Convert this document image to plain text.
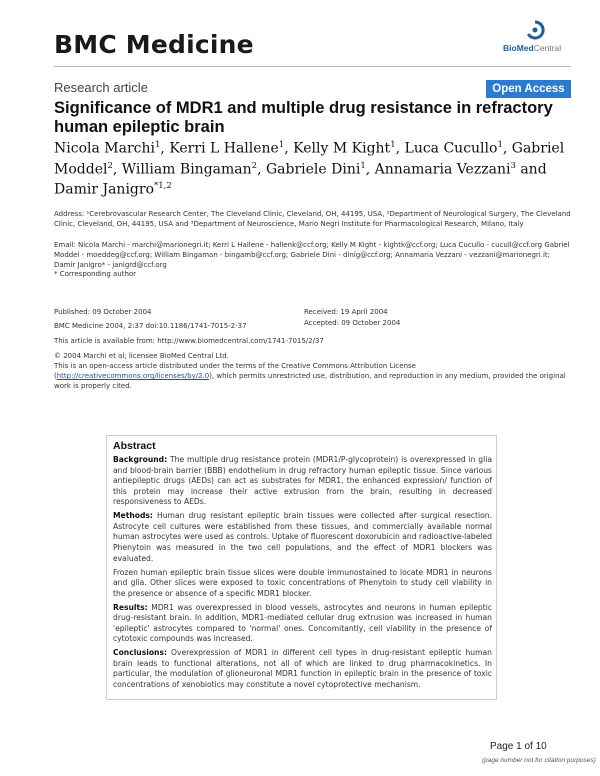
BMC Medicine	BioMedCentral
Research article	Open Access
Significance of MDR1 and multiple drug resistance in refractory human epileptic brain
Nicola Marchi$^1$, Kerri L Hallene$^1$, Kelly M Kight$^1$, Luca Cucullo$^1$, Gabriel Moddel$^2$, William Bingaman$^2$, Gabriele Dini$^1$, Annamaria Vezzani$^3$ and Damir Janigro$^{*1,2}$
Address: ¹Cerebrovascular Research Center, The Cleveland Clinic, Cleveland, OH, 44195, USA, ²Department of Neurological Surgery, The Cleveland Clinic, Cleveland, OH, 44195, USA and ³Department of Neuroscience, Mario Negri Institute for Pharmacological Research, Milano, Italy
Email: Nicola Marchi - marchi@marionegri.it; Kerri L Hallene - hallenk@ccf.org; Kelly M Kight - kightk@ccf.org; Luca Cucullo - cucull@ccf.org Gabriel Moddel - moeddeg@ccf.org; William Bingaman - bingamb@ccf.org; Gabriele Dini - dinig@ccf.org; Annamaria Vezzani - vezzani@marionegri.it; Damir Janigro* - janigrd@ccf.org
* Corresponding author
Published: 09 October 2004	Received: 19 April 2004
BMC Medicine 2004, 2:37 doi:10.1186/1741-7015-2-37	Accepted: 09 October 2004
This article is available from: http://www.biomedcentral.com/1741-7015/2/37
© 2004 Marchi et al; licensee BioMed Central Ltd.
This is an open-access article distributed under the terms of the Creative Commons Attribution License (http://creativecommons.org/licenses/by/2.0), which permits unrestricted use, distribution, and reproduction in any medium, provided the original work is properly cited.
Abstract

Background: The multiple drug resistance protein (MDR1/P-glycoprotein) is overexpressed in glia and blood-brain barrier (BBB) endothelium in drug refractory human epileptic tissue. Since various antiepileptic drugs (AEDs) can act as substrates for MDR1, the enhanced expression/ function of this protein may increase their active extrusion from the brain, resulting in decreased responsiveness to AEDs.

Methods: Human drug resistant epileptic brain tissues were collected after surgical resection. Astrocyte cell cultures were established from these tissues, and commercially available normal human astrocytes were used as controls. Uptake of fluorescent doxorubicin and radioactive-labeled Phenytoin was measured in the two cell populations, and the effect of MDR1 blockers was evaluated.

Frozen human epileptic brain tissue slices were double immunostained to locate MDR1 in neurons and glia. Other slices were exposed to toxic concentrations of Phenytoin to study cell viability in the presence or absence of a specific MDR1 blocker.

Results: MDR1 was overexpressed in blood vessels, astrocytes and neurons in human epileptic drug-resistant brain. In addition, MDR1-mediated cellular drug extrusion was increased in human 'epileptic' astrocytes compared to 'normal' ones. Concomitantly, cell viability in the presence of cytotoxic compounds was increased.

Conclusions: Overexpression of MDR1 in different cell types in drug-resistant epileptic human brain leads to functional alterations, not all of which are linked to drug pharmacokinetics. In particular, the modulation of glioneuronal MDR1 function in epileptic brain in the presence of toxic concentrations of xenobiotics may constitute a novel cytoprotective mechanism.

Page 1 of 10
(page number not for citation purposes)
